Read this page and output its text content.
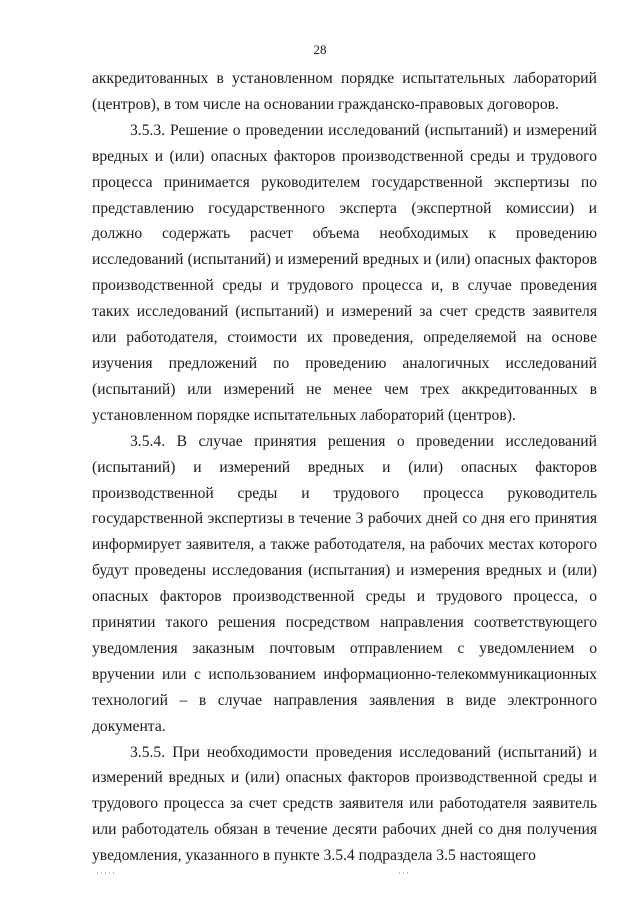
28

аккредитованных в установленном порядке испытательных лабораторий (центров), в том числе на основании гражданско-правовых договоров.

3.5.3. Решение о проведении исследований (испытаний) и измерений вредных и (или) опасных факторов производственной среды и трудового процесса принимается руководителем государственной экспертизы по представлению государственного эксперта (экспертной комиссии) и должно содержать расчет объема необходимых к проведению исследований (испытаний) и измерений вредных и (или) опасных факторов производственной среды и трудового процесса и, в случае проведения таких исследований (испытаний) и измерений за счет средств заявителя или работодателя, стоимости их проведения, определяемой на основе изучения предложений по проведению аналогичных исследований (испытаний) или измерений не менее чем трех аккредитованных в установленном порядке испытательных лабораторий (центров).

3.5.4. В случае принятия решения о проведении исследований (испытаний) и измерений вредных и (или) опасных факторов производственной среды и трудового процесса руководитель государственной экспертизы в течение 3 рабочих дней со дня его принятия информирует заявителя, а также работодателя, на рабочих местах которого будут проведены исследования (испытания) и измерения вредных и (или) опасных факторов производственной среды и трудового процесса, о принятии такого решения посредством направления соответствующего уведомления заказным почтовым отправлением с уведомлением о вручении или с использованием информационно-телекоммуникационных технологий – в случае направления заявления в виде электронного документа.

3.5.5. При необходимости проведения исследований (испытаний) и измерений вредных и (или) опасных факторов производственной среды и трудового процесса за счет средств заявителя или работодателя заявитель или работодатель обязан в течение десяти рабочих дней со дня получения уведомления, указанного в пункте 3.5.4 подраздела 3.5 настоящего

·····	···
